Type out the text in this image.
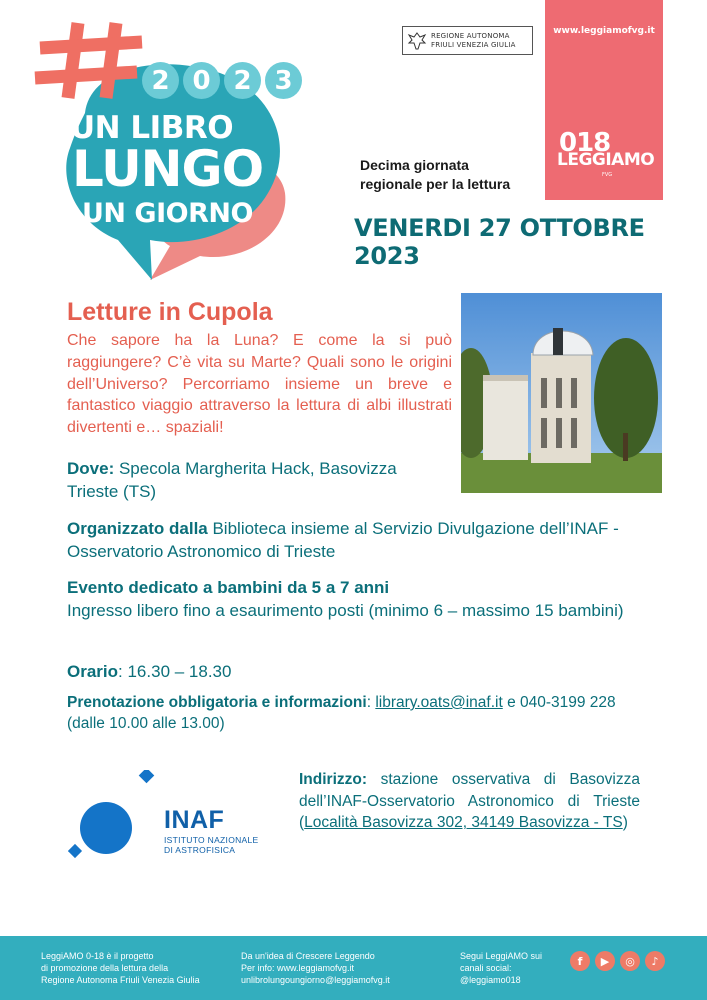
2 0 2 3
UN LIBRO
LUNGO
UN GIORNO
REGIONE AUTONOMA
FRIULI VENEZIA GIULIA
www.leggiamofvg.it
018
LEGGIAMO
FVG
Decima giornata
regionale per la lettura
VENERDI 27 OTTOBRE 2023
Letture in Cupola
Che sapore ha la Luna? E come la si può raggiungere? C’è vita su Marte? Quali sono le origini dell’Universo? Percorriamo insieme un breve e fantastico viaggio attraverso la lettura di albi illustrati divertenti e… spaziali!
Dove: Specola Margherita Hack, Basovizza Trieste (TS)
Organizzato dalla Biblioteca insieme al Servizio Divulgazione dell’INAF - Osservatorio Astronomico di Trieste
Evento dedicato a bambini da 5 a 7 anni
Ingresso libero fino a esaurimento posti (minimo 6 – massimo 15 bambini)
Orario: 16.30 – 18.30
Prenotazione obbligatoria e informazioni: library.oats@inaf.it e 040-3199 228 (dalle 10.00 alle 13.00)
INAF
ISTITUTO NAZIONALE
DI ASTROFISICA
Indirizzo: stazione osservativa di Basovizza dell’INAF-Osservatorio Astronomico di Trieste (Località Basovizza 302, 34149 Basovizza - TS)
LeggiAMO 0-18 è il progetto
di promozione della lettura della
Regione Autonoma Friuli Venezia Giulia
Da un'idea di Crescere Leggendo
Per info: www.leggiamofvg.it
unlibrolungoungiorno@leggiamofvg.it
Segui LeggiAMO sui
canali social:
@leggiamo018
f	▶	◎	♪
